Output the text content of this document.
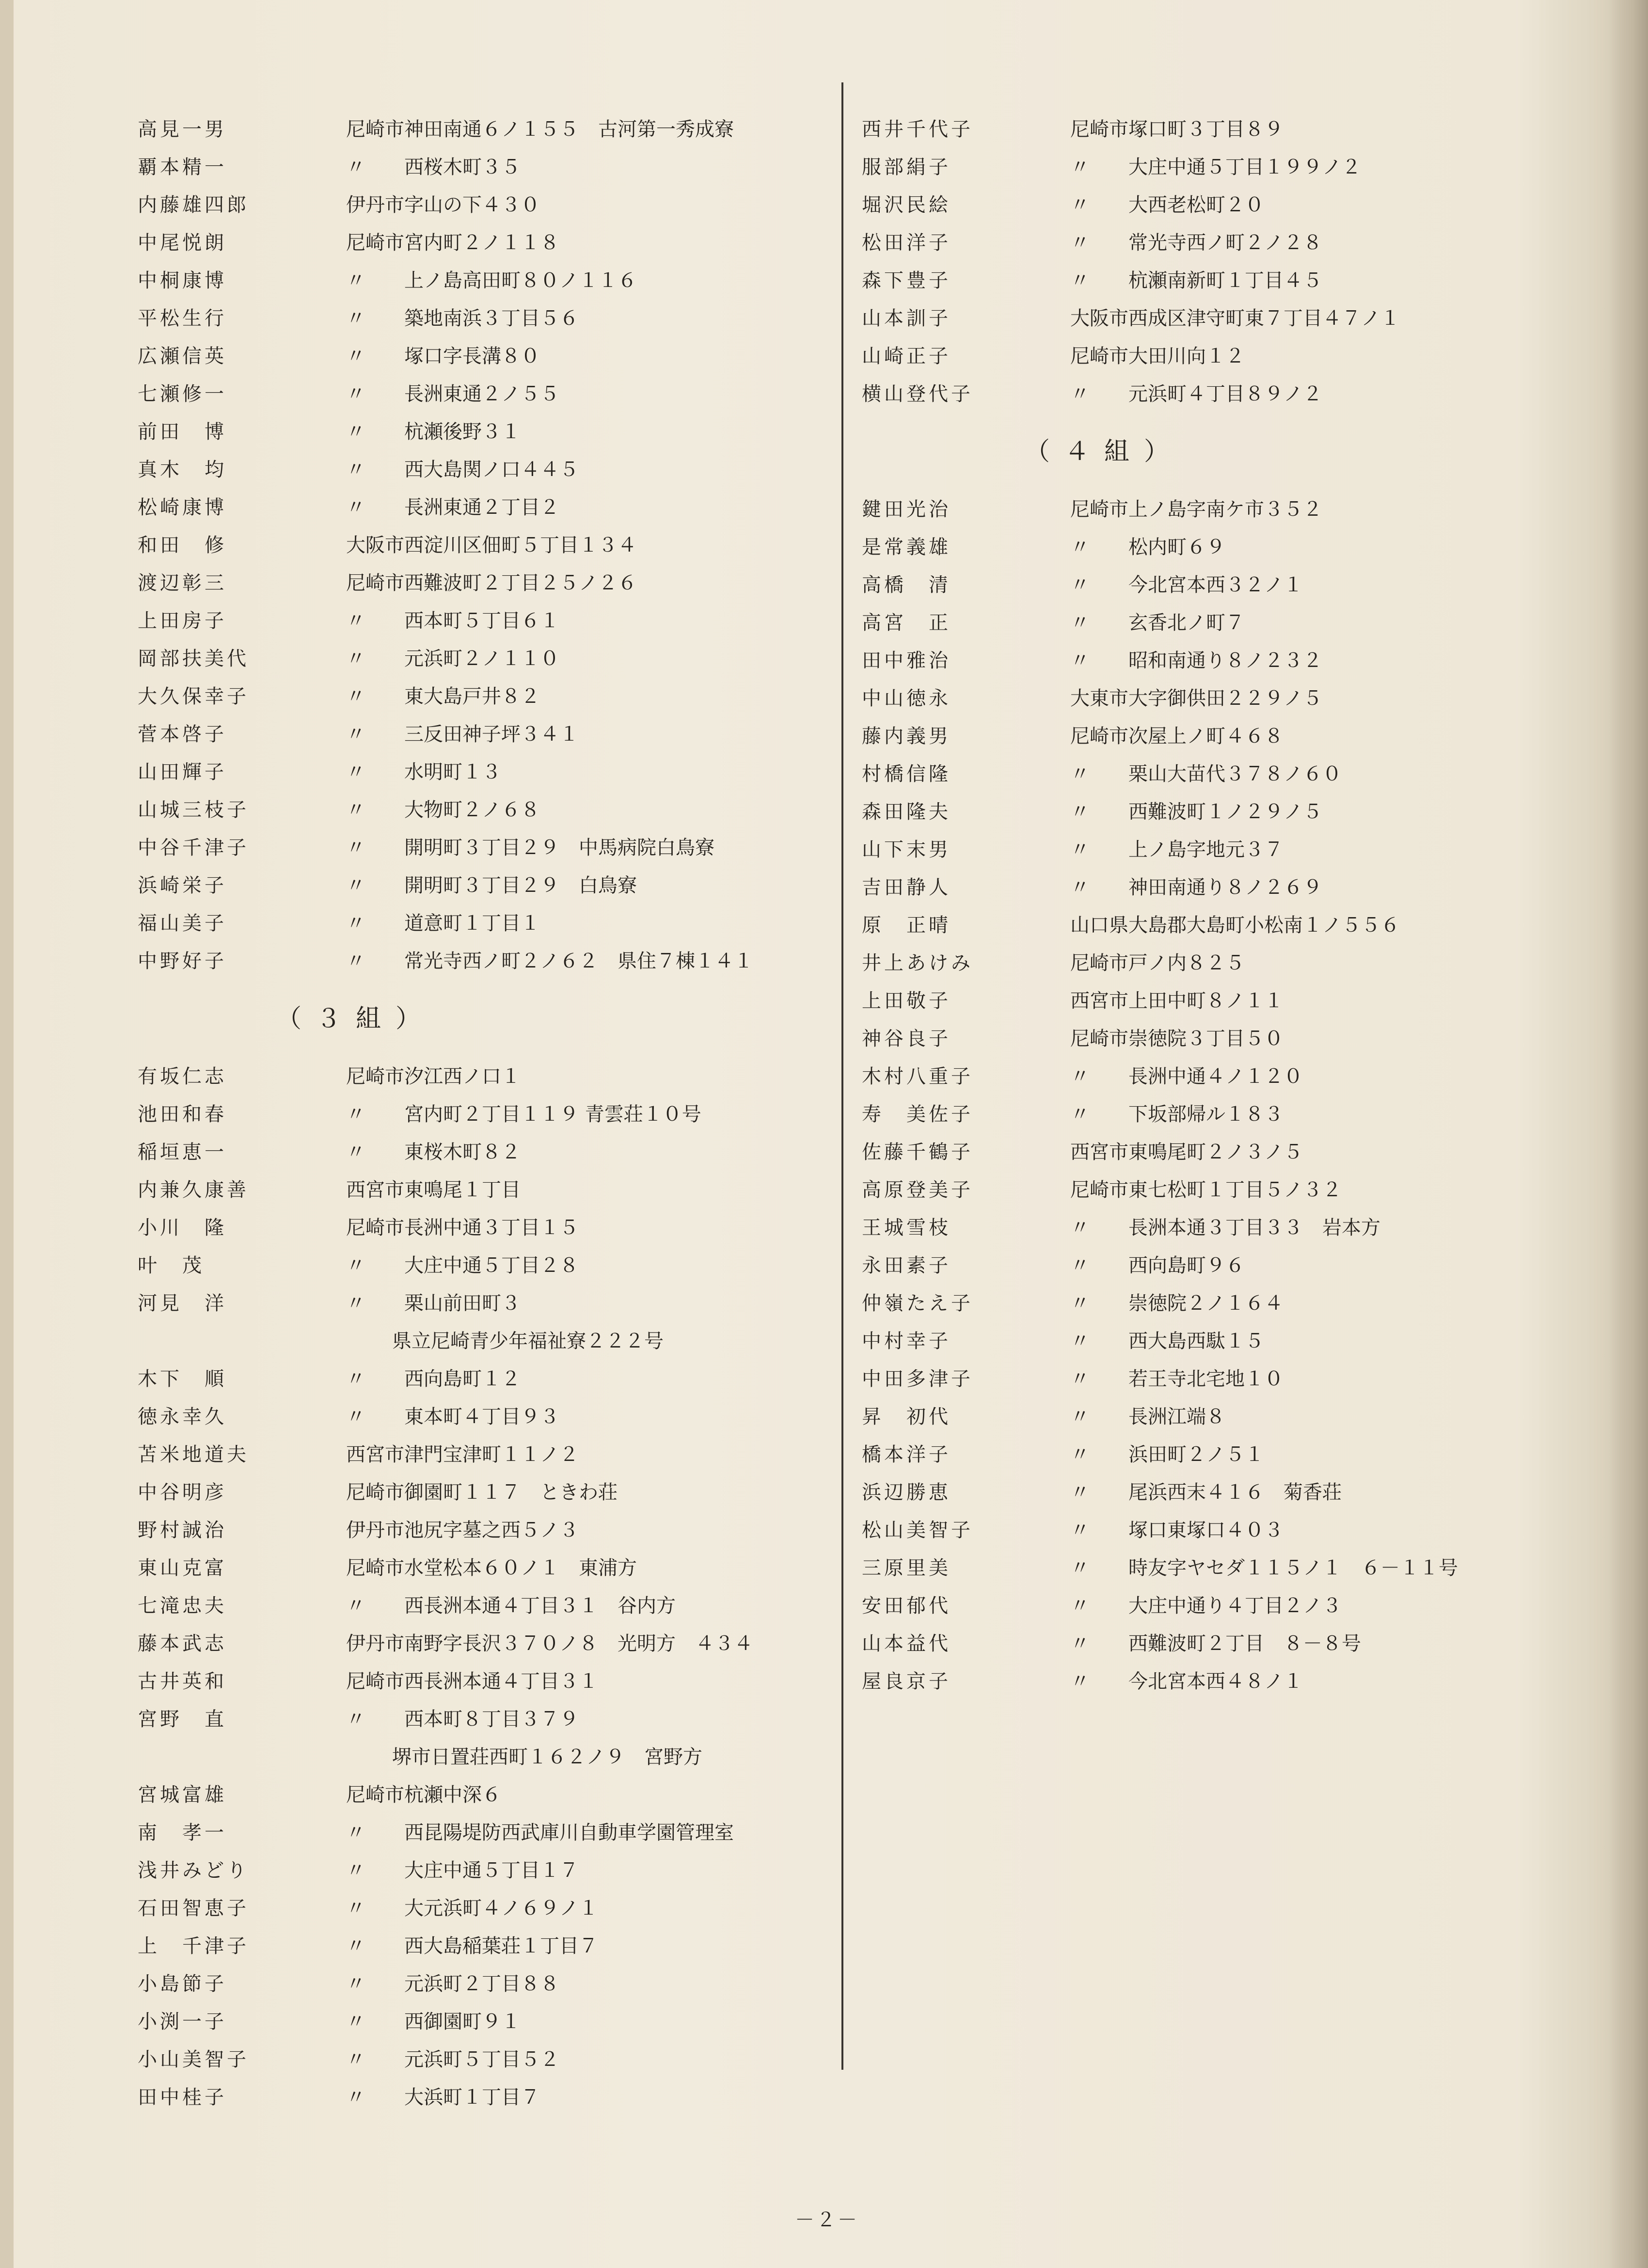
高見一男	尼崎市神田南通６ノ１５５　古河第一秀成寮
覇本精一	〃　　西桜木町３５
内藤雄四郎	伊丹市字山の下４３０
中尾悦朗	尼崎市宮内町２ノ１１８
中桐康博	〃　　上ノ島高田町８０ノ１１６
平松生行	〃　　築地南浜３丁目５６
広瀬信英	〃　　塚口字長溝８０
七瀬修一	〃　　長洲東通２ノ５５
前田　博	〃　　杭瀬後野３１
真木　均	〃　　西大島関ノ口４４５
松崎康博	〃　　長洲東通２丁目２
和田　修	大阪市西淀川区佃町５丁目１３４
渡辺彰三	尼崎市西難波町２丁目２５ノ２６
上田房子	〃　　西本町５丁目６１
岡部扶美代	〃　　元浜町２ノ１１０
大久保幸子	〃　　東大島戸井８２
菅本啓子	〃　　三反田神子坪３４１
山田輝子	〃　　水明町１３
山城三枝子	〃　　大物町２ノ６８
中谷千津子	〃　　開明町３丁目２９　中馬病院白鳥寮
浜崎栄子	〃　　開明町３丁目２９　白鳥寮
福山美子	〃　　道意町１丁目１
中野好子	〃　　常光寺西ノ町２ノ６２　県住７棟１４１
（３組）
有坂仁志	尼崎市汐江西ノ口１
池田和春	〃　　宮内町２丁目１１９ 青雲荘１０号
稲垣恵一	〃　　東桜木町８２
内兼久康善	西宮市東鳴尾１丁目
小川　隆	尼崎市長洲中通３丁目１５
叶　茂	〃　　大庄中通５丁目２８
河見　洋	〃　　栗山前田町３
県立尼崎青少年福祉寮２２２号
木下　順	〃　　西向島町１２
徳永幸久	〃　　東本町４丁目９３
苫米地道夫	西宮市津門宝津町１１ノ２
中谷明彦	尼崎市御園町１１７　ときわ荘
野村誠治	伊丹市池尻字墓之西５ノ３
東山克富	尼崎市水堂松本６０ノ１　東浦方
七滝忠夫	〃　　西長洲本通４丁目３１　谷内方
藤本武志	伊丹市南野字長沢３７０ノ８　光明方　４３４
古井英和	尼崎市西長洲本通４丁目３１
宮野　直	〃　　西本町８丁目３７９
堺市日置荘西町１６２ノ９　宮野方
宮城富雄	尼崎市杭瀬中深６
南　孝一	〃　　西昆陽堤防西武庫川自動車学園管理室
浅井みどり	〃　　大庄中通５丁目１７
石田智恵子	〃　　大元浜町４ノ６９ノ１
上　千津子	〃　　西大島稲葉荘１丁目７
小島節子	〃　　元浜町２丁目８８
小渕一子	〃　　西御園町９１
小山美智子	〃　　元浜町５丁目５２
田中桂子	〃　　大浜町１丁目７
西井千代子	尼崎市塚口町３丁目８９
服部絹子	〃　　大庄中通５丁目１９９ノ２
堀沢民絵	〃　　大西老松町２０
松田洋子	〃　　常光寺西ノ町２ノ２８
森下豊子	〃　　杭瀬南新町１丁目４５
山本訓子	大阪市西成区津守町東７丁目４７ノ１
山崎正子	尼崎市大田川向１２
横山登代子	〃　　元浜町４丁目８９ノ２
（４組）
鍵田光治	尼崎市上ノ島字南ケ市３５２
是常義雄	〃　　松内町６９
高橋　清	〃　　今北宮本西３２ノ１
高宮　正	〃　　玄香北ノ町７
田中雅治	〃　　昭和南通り８ノ２３２
中山徳永	大東市大字御供田２２９ノ５
藤内義男	尼崎市次屋上ノ町４６８
村橋信隆	〃　　栗山大苗代３７８ノ６０
森田隆夫	〃　　西難波町１ノ２９ノ５
山下末男	〃　　上ノ島字地元３７
吉田静人	〃　　神田南通り８ノ２６９
原　正晴	山口県大島郡大島町小松南１ノ５５６
井上あけみ	尼崎市戸ノ内８２５
上田敬子	西宮市上田中町８ノ１１
神谷良子	尼崎市崇徳院３丁目５０
木村八重子	〃　　長洲中通４ノ１２０
寿　美佐子	〃　　下坂部帰ル１８３
佐藤千鶴子	西宮市東鳴尾町２ノ３ノ５
高原登美子	尼崎市東七松町１丁目５ノ３２
王城雪枝	〃　　長洲本通３丁目３３　岩本方
永田素子	〃　　西向島町９６
仲嶺たえ子	〃　　崇徳院２ノ１６４
中村幸子	〃　　西大島西駄１５
中田多津子	〃　　若王寺北宅地１０
昇　初代	〃　　長洲江端８
橋本洋子	〃　　浜田町２ノ５１
浜辺勝恵	〃　　尾浜西末４１６　菊香荘
松山美智子	〃　　塚口東塚口４０３
三原里美	〃　　時友字ヤセダ１１５ノ１　６－１１号
安田郁代	〃　　大庄中通り４丁目２ノ３
山本益代	〃　　西難波町２丁目　８－８号
屋良京子	〃　　今北宮本西４８ノ１
－２－
